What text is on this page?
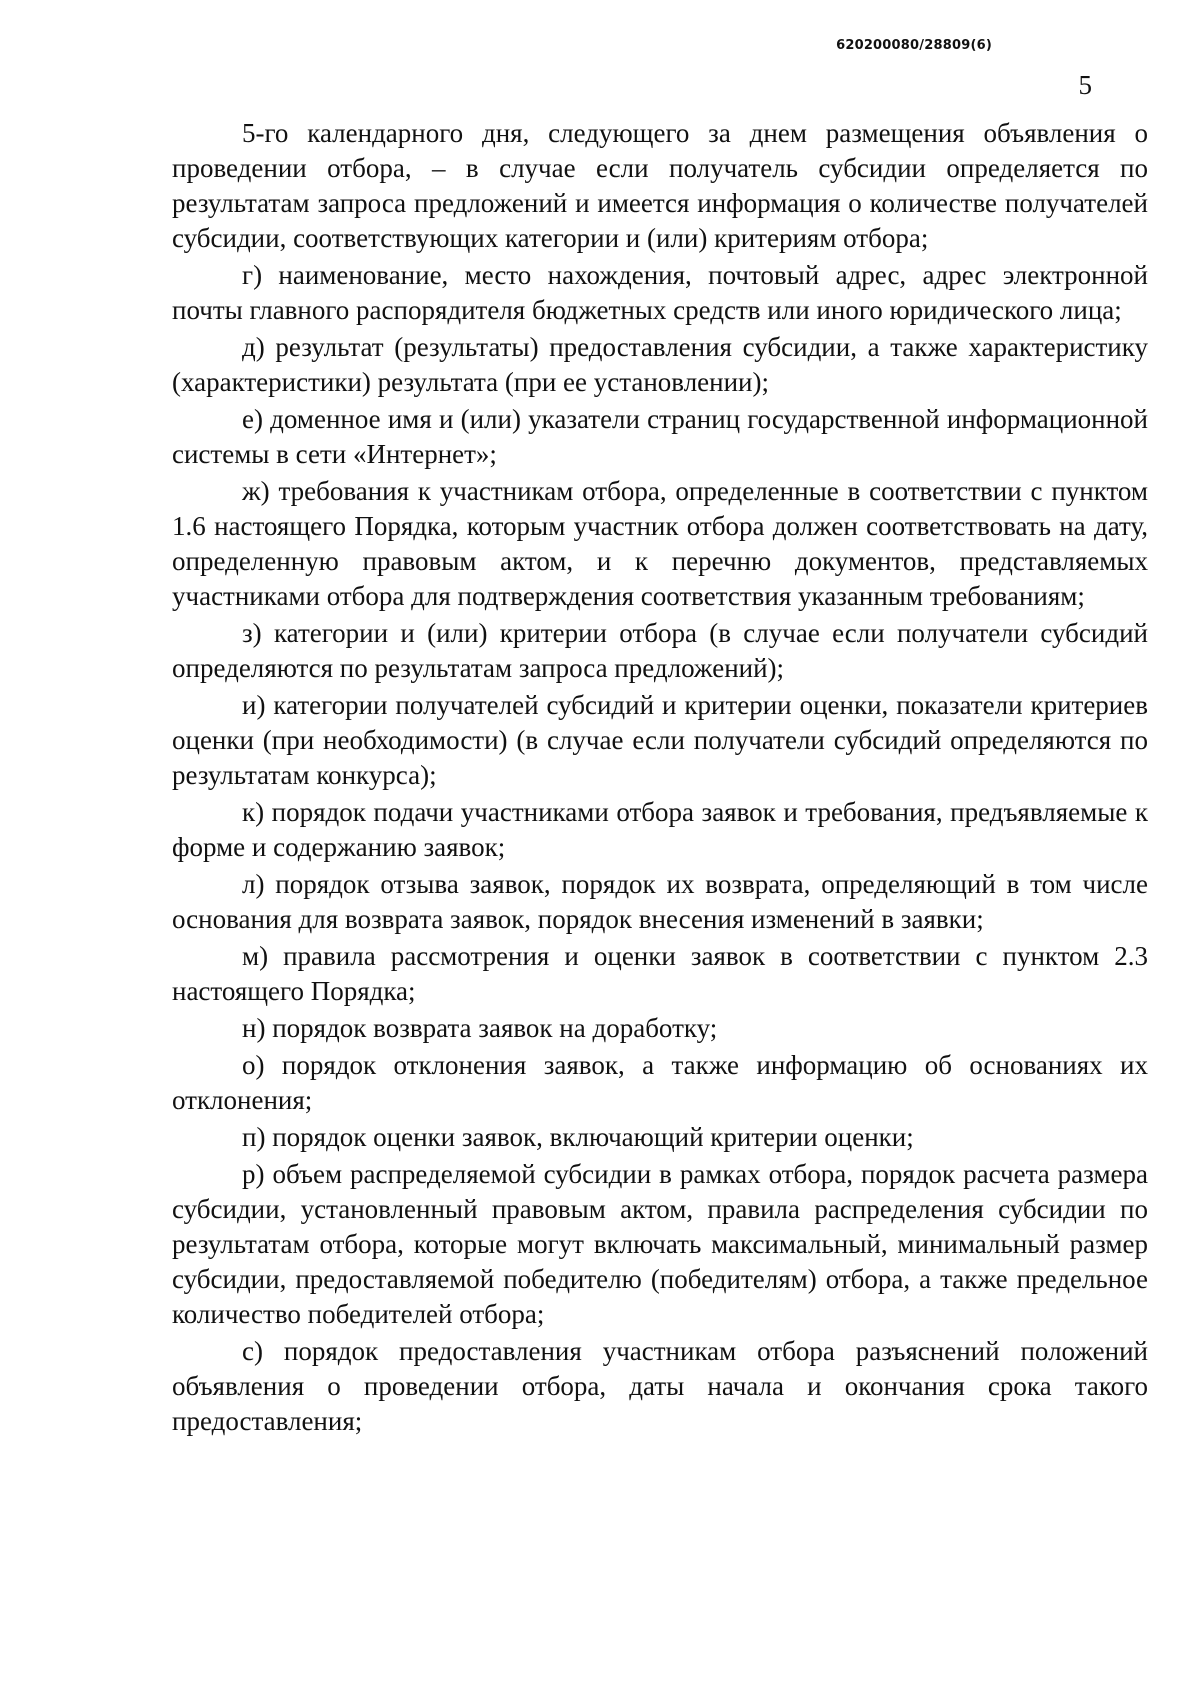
620200080/28809(6)
5

5-го календарного дня, следующего за днем размещения объявления о проведении отбора, – в случае если получатель субсидии определяется по результатам запроса предложений и имеется информация о количестве получателей субсидии, соответствующих категории и (или) критериям отбора;

г) наименование, место нахождения, почтовый адрес, адрес электронной почты главного распорядителя бюджетных средств или иного юридического лица;

д) результат (результаты) предоставления субсидии, а также характеристику (характеристики) результата (при ее установлении);

е) доменное имя и (или) указатели страниц государственной информационной системы в сети «Интернет»;

ж) требования к участникам отбора, определенные в соответствии с пунктом 1.6 настоящего Порядка, которым участник отбора должен соответствовать на дату, определенную правовым актом, и к перечню документов, представляемых участниками отбора для подтверждения соответствия указанным требованиям;

з) категории и (или) критерии отбора (в случае если получатели субсидий определяются по результатам запроса предложений);

и) категории получателей субсидий и критерии оценки, показатели критериев оценки (при необходимости) (в случае если получатели субсидий определяются по результатам конкурса);

к) порядок подачи участниками отбора заявок и требования, предъявляемые к форме и содержанию заявок;

л) порядок отзыва заявок, порядок их возврата, определяющий в том числе основания для возврата заявок, порядок внесения изменений в заявки;

м) правила рассмотрения и оценки заявок в соответствии с пунктом 2.3 настоящего Порядка;

н) порядок возврата заявок на доработку;

о) порядок отклонения заявок, а также информацию об основаниях их отклонения;

п) порядок оценки заявок, включающий критерии оценки;

р) объем распределяемой субсидии в рамках отбора, порядок расчета размера субсидии, установленный правовым актом, правила распределения субсидии по результатам отбора, которые могут включать максимальный, минимальный размер субсидии, предоставляемой победителю (победителям) отбора, а также предельное количество победителей отбора;

с) порядок предоставления участникам отбора разъяснений положений объявления о проведении отбора, даты начала и окончания срока такого предоставления;
